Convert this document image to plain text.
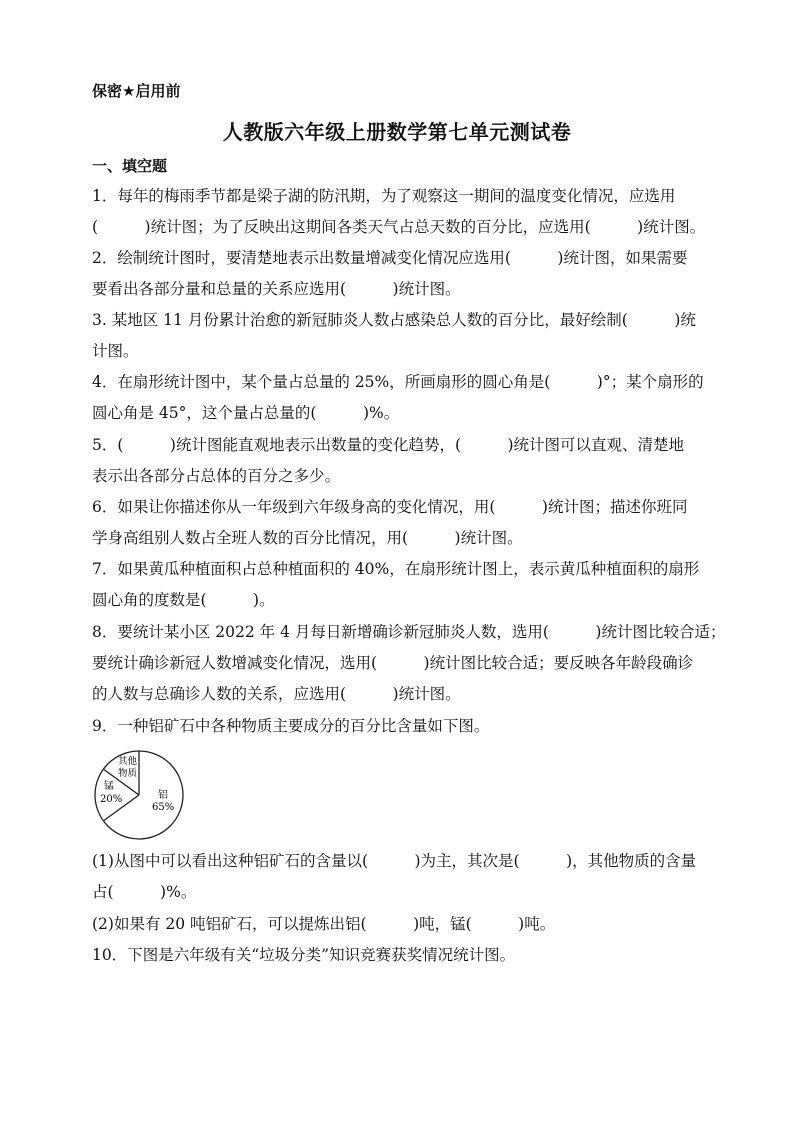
保密★启用前
人教版六年级上册数学第七单元测试卷
一、填空题
1．每年的梅雨季节都是梁子湖的防汛期，为了观察这一期间的温度变化情况，应选用
(　　　)统计图；为了反映出这期间各类天气占总天数的百分比，应选用(　　　)统计图。
2．绘制统计图时，要清楚地表示出数量增减变化情况应选用(　　　)统计图，如果需要
要看出各部分量和总量的关系应选用(　　　)统计图。
3. 某地区 11 月份累计治愈的新冠肺炎人数占感染总人数的百分比，最好绘制(　　　)统
计图。
4．在扇形统计图中，某个量占总量的 25%，所画扇形的圆心角是(　　　)°；某个扇形的
圆心角是 45°，这个量占总量的(　　　)%。
5．(　　　)统计图能直观地表示出数量的变化趋势，(　　　)统计图可以直观、清楚地
表示出各部分占总体的百分之多少。
6．如果让你描述你从一年级到六年级身高的变化情况，用(　　　)统计图；描述你班同
学身高组别人数占全班人数的百分比情况，用(　　　)统计图。
7．如果黄瓜种植面积占总种植面积的 40%，在扇形统计图上，表示黄瓜种植面积的扇形
圆心角的度数是(　　　)。
8．要统计某小区 2022 年 4 月每日新增确诊新冠肺炎人数，选用(　　　)统计图比较合适；
要统计确诊新冠人数增减变化情况，选用(　　　)统计图比较合适；要反映各年龄段确诊
的人数与总确诊人数的关系，应选用(　　　)统计图。
9．一种铝矿石中各种物质主要成分的百分比含量如下图。
铝
65%
锰
20%
其他
物质
(1)从图中可以看出这种铝矿石的含量以(　　　)为主，其次是(　　　)，其他物质的含量
占(　　　)%。
(2)如果有 20 吨铝矿石，可以提炼出铝(　　　)吨，锰(　　　)吨。
10．下图是六年级有关“垃圾分类”知识竞赛获奖情况统计图。
